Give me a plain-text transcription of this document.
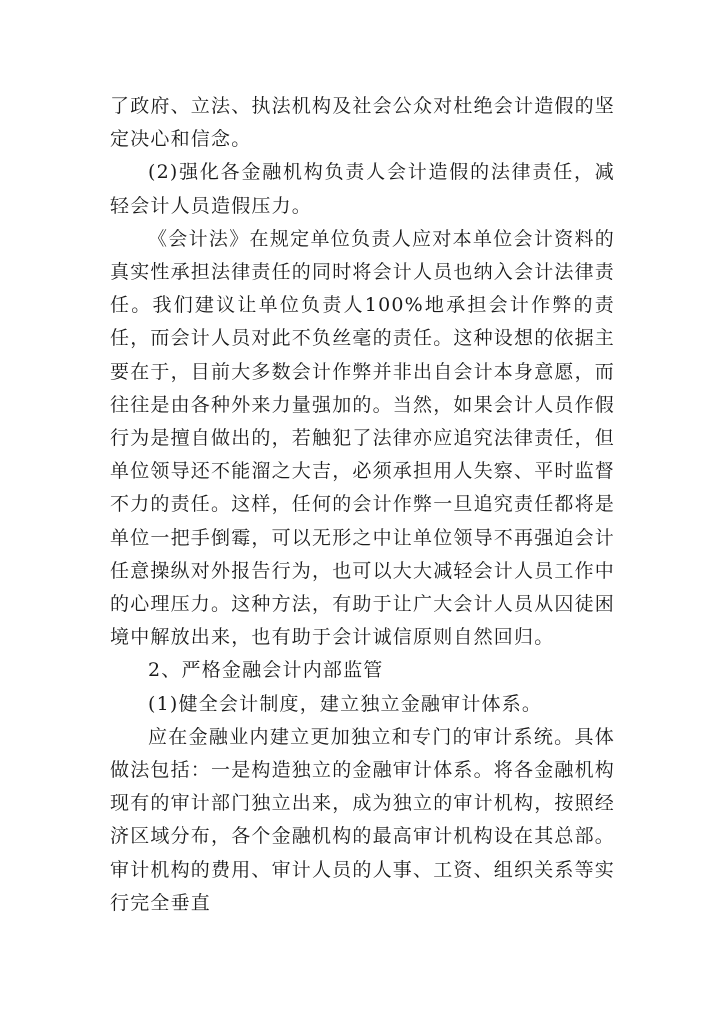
了政府、立法、执法机构及社会公众对杜绝会计造假的坚定决心和信念。

(2)强化各金融机构负责人会计造假的法律责任，减轻会计人员造假压力。

《会计法》在规定单位负责人应对本单位会计资料的真实性承担法律责任的同时将会计人员也纳入会计法律责任。我们建议让单位负责人100%地承担会计作弊的责任，而会计人员对此不负丝毫的责任。这种设想的依据主要在于，目前大多数会计作弊并非出自会计本身意愿，而往往是由各种外来力量强加的。当然，如果会计人员作假行为是擅自做出的，若触犯了法律亦应追究法律责任，但单位领导还不能溜之大吉，必须承担用人失察、平时监督不力的责任。这样，任何的会计作弊一旦追究责任都将是单位一把手倒霉，可以无形之中让单位领导不再强迫会计任意操纵对外报告行为，也可以大大减轻会计人员工作中的心理压力。这种方法，有助于让广大会计人员从囚徒困境中解放出来，也有助于会计诚信原则自然回归。

2、严格金融会计内部监管

(1)健全会计制度，建立独立金融审计体系。

应在金融业内建立更加独立和专门的审计系统。具体做法包括：一是构造独立的金融审计体系。将各金融机构现有的审计部门独立出来，成为独立的审计机构，按照经济区域分布，各个金融机构的最高审计机构设在其总部。审计机构的费用、审计人员的人事、工资、组织关系等实行完全垂直
